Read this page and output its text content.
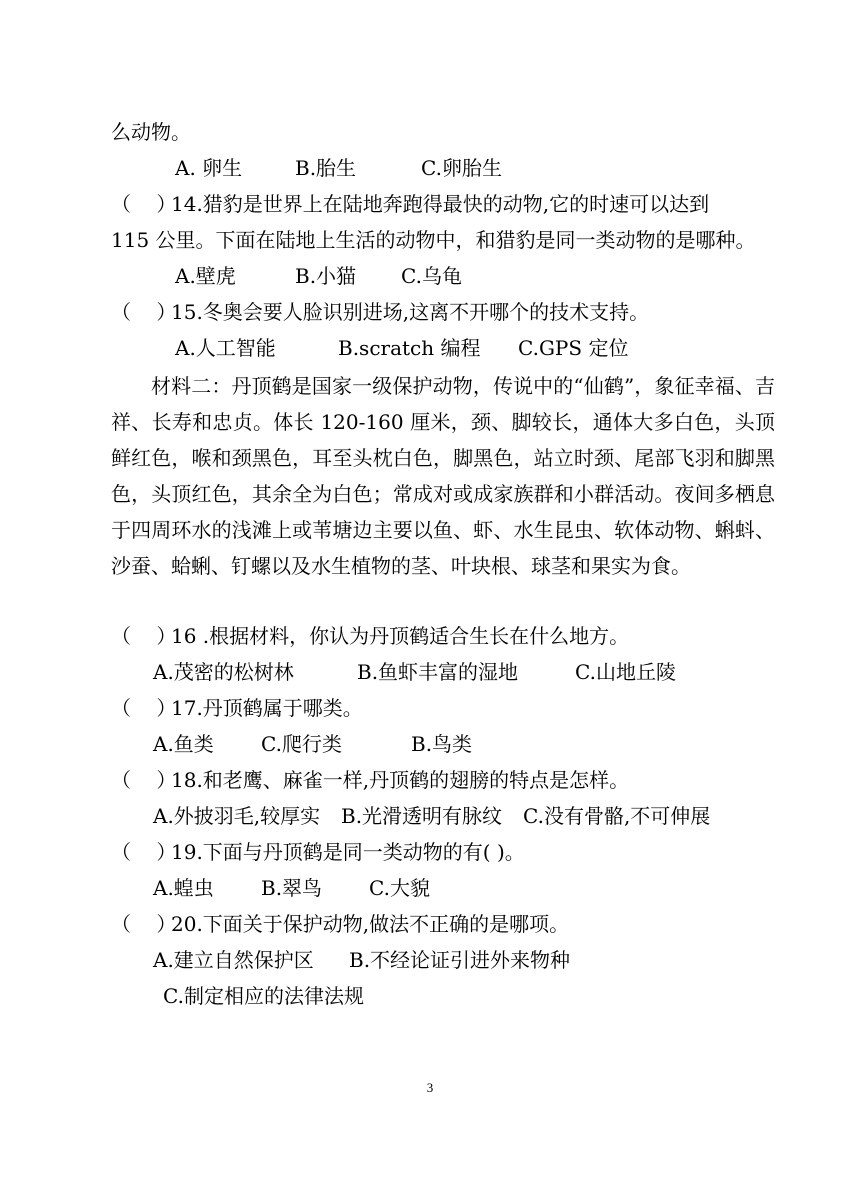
么动物。
A. 卵生	B.胎生	C.卵胎生
（    ）14.猎豹是世界上在陆地奔跑得最快的动物,它的时速可以达到
115 公里。下面在陆地上生活的动物中，和猎豹是同一类动物的是哪种。
A.壁虎	B.小猫 C.乌龟
（    ）15.冬奥会要人脸识别进场,这离不开哪个的技术支持。
A.人工智能	B.scratch 编程 C.GPS 定位
材料二：丹顶鹤是国家一级保护动物，传说中的“仙鹤”，象征幸福、吉祥、长寿和忠贞。体长 120-160 厘米，颈、脚较长，通体大多白色，头顶鲜红色，喉和颈黑色，耳至头枕白色，脚黑色，站立时颈、尾部飞羽和脚黑色，头顶红色，其余全为白色；常成对或成家族群和小群活动。夜间多栖息于四周环水的浅滩上或苇塘边主要以鱼、虾、水生昆虫、软体动物、蝌蚪、沙蚕、蛤蜊、钉螺以及水生植物的茎、叶块根、球茎和果实为食。
（    ）16 .根据材料，你认为丹顶鹤适合生长在什么地方。
A.茂密的松树林	B.鱼虾丰富的湿地	C.山地丘陵
（    ）17.丹顶鹤属于哪类。
A.鱼类 C.爬行类	B.鸟类
（    ）18.和老鹰、麻雀一样,丹顶鹤的翅膀的特点是怎样。
A.外披羽毛,较厚实 B.光滑透明有脉纹 C.没有骨骼,不可伸展
（    ）19.下面与丹顶鹤是同一类动物的有( )。
A.蝗虫 B.翠鸟 C.大貌
（    ）20.下面关于保护动物,做法不正确的是哪项。
A.建立自然保护区 B.不经论证引进外来物种
C.制定相应的法律法规
3
